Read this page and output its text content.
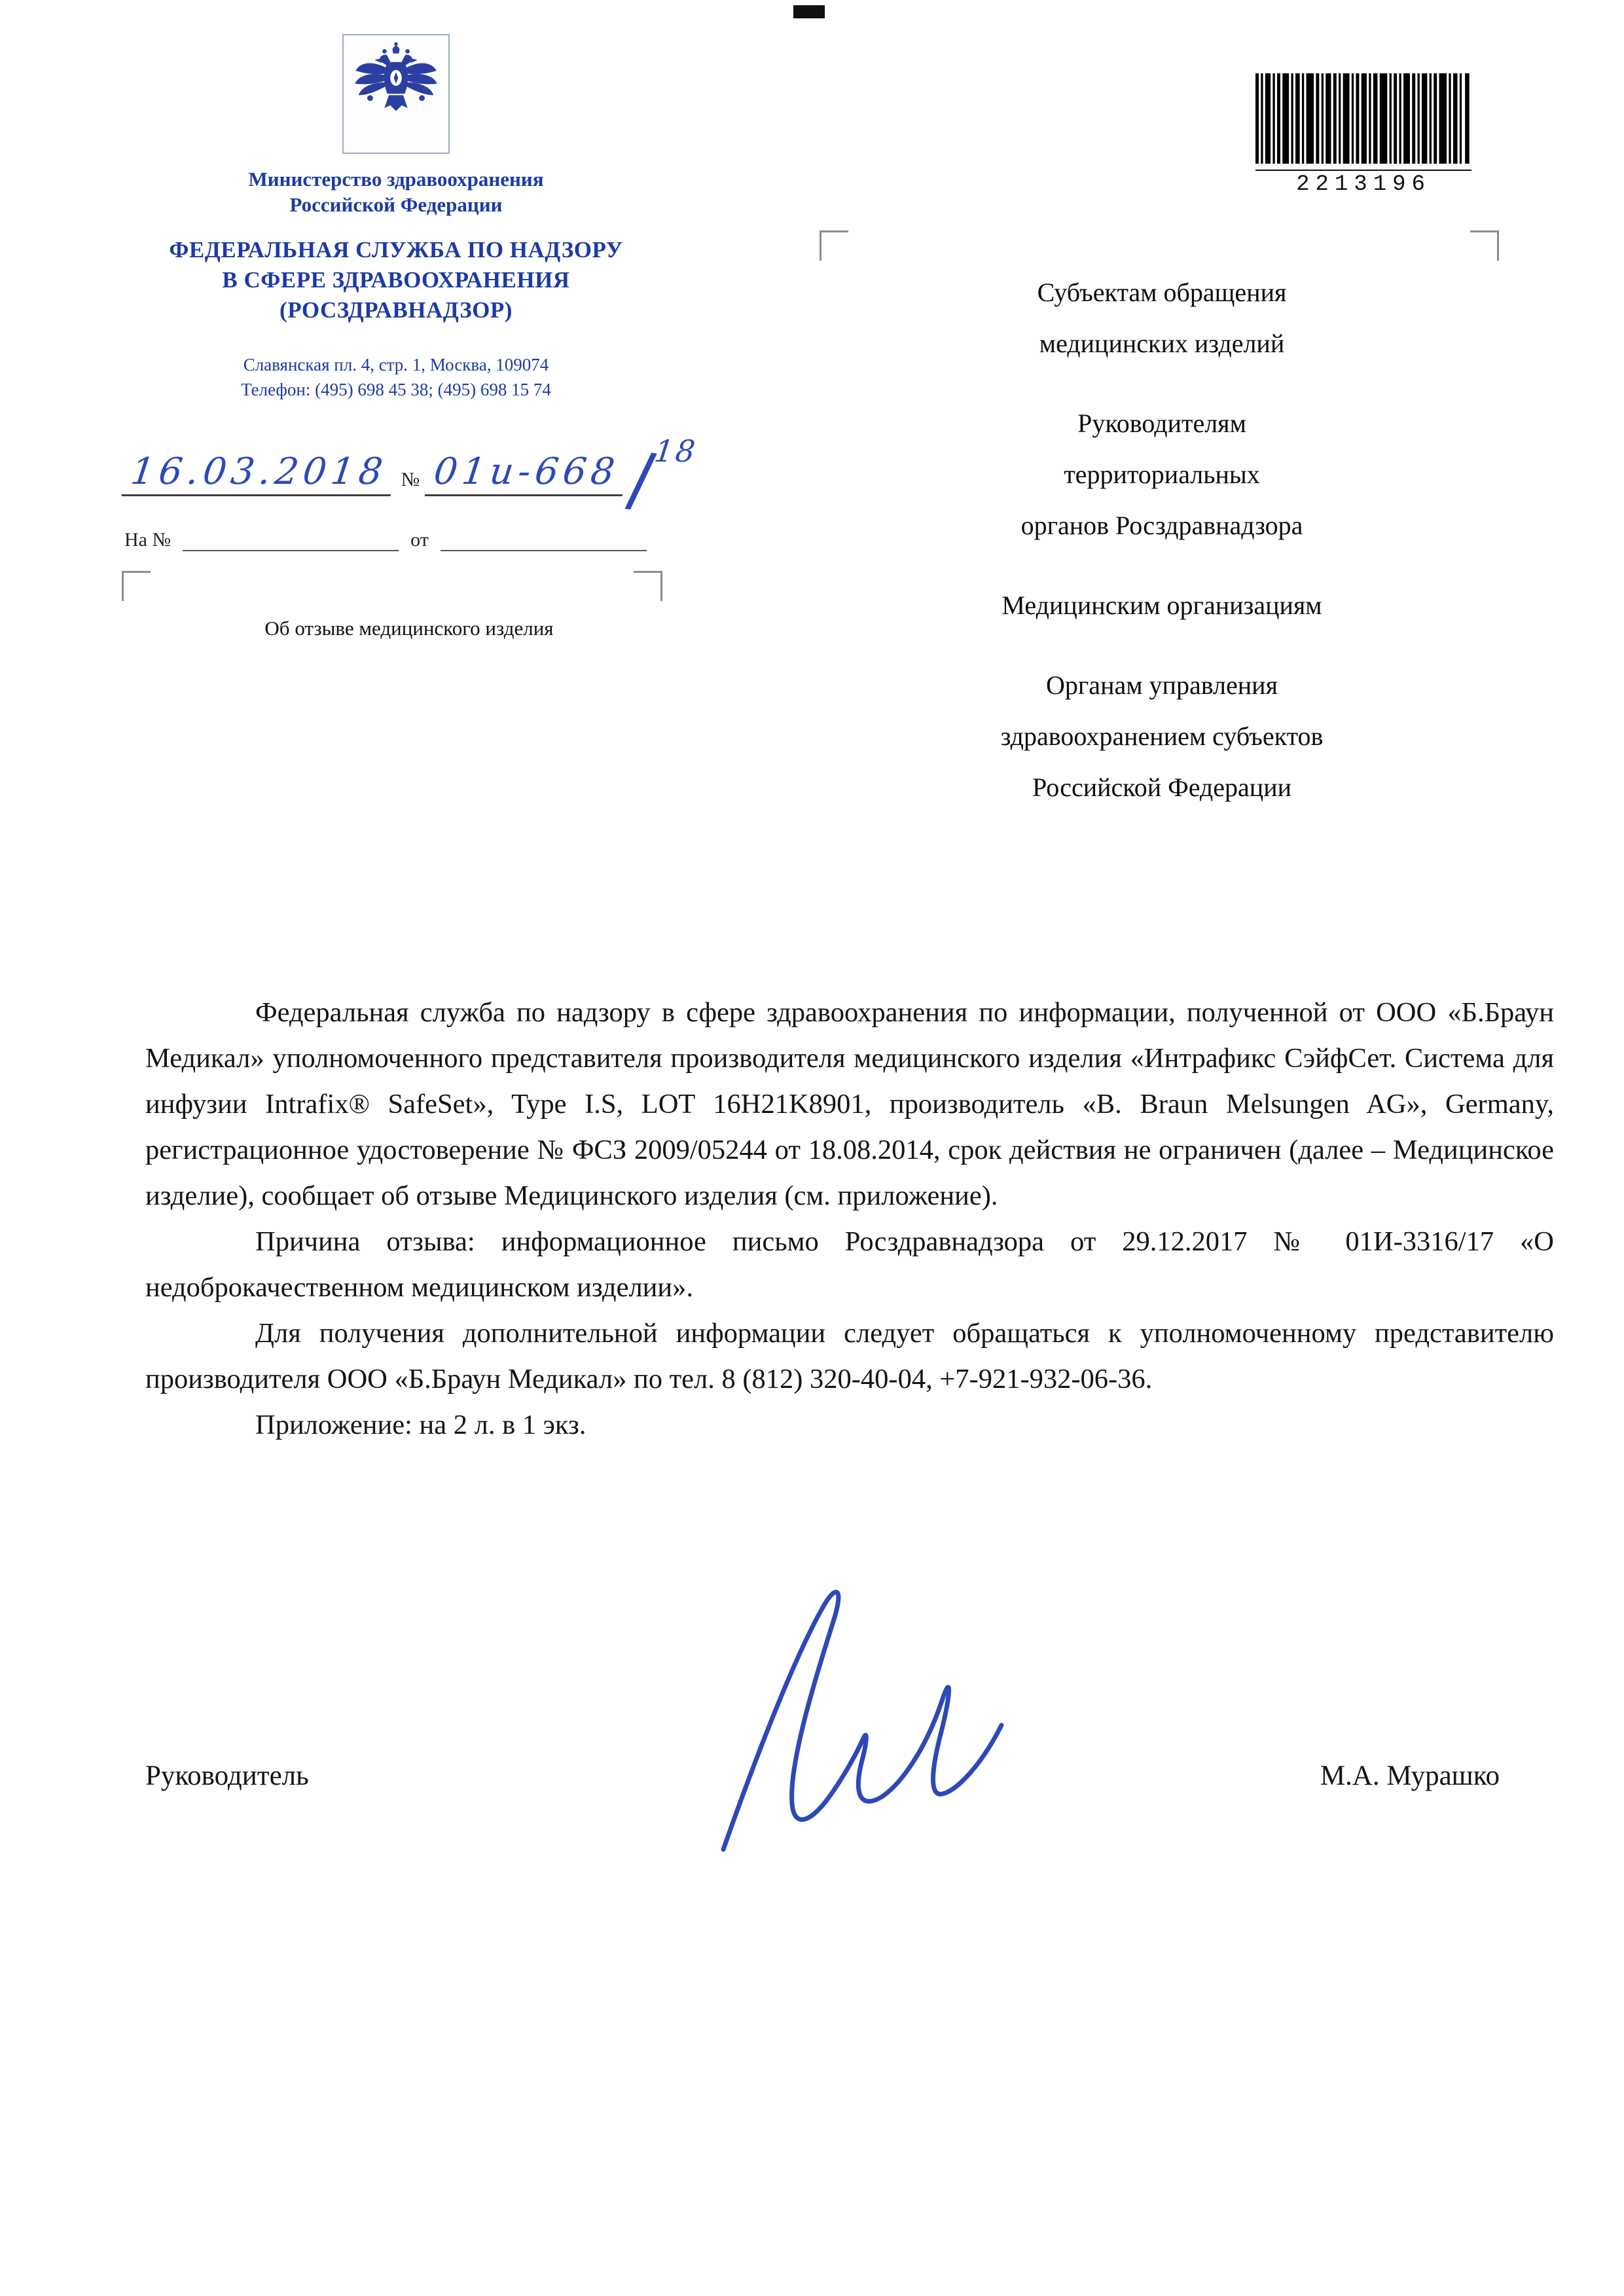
Министерство здравоохранения
Российской Федерации
ФЕДЕРАЛЬНАЯ СЛУЖБА ПО НАДЗОРУ
В СФЕРЕ ЗДРАВООХРАНЕНИЯ
(РОСЗДРАВНАДЗОР)
Славянская пл. 4, стр. 1, Москва, 109074
Телефон: (495) 698 45 38; (495) 698 15 74
16.03.2018 № 01и-668 /
18
На №	от
Об отзыве медицинского изделия
2213196
Субъектам обращения
медицинских изделий
Руководителям
территориальных
органов Росздравнадзора
Медицинским организациям
Органам управления
здравоохранением субъектов
Российской Федерации

Федеральная служба по надзору в сфере здравоохранения по информации, полученной от ООО «Б.Браун Медикал» уполномоченного представителя производителя медицинского изделия «Интрафикс СэйфСет. Система для инфузии Intrafix® SafeSet», Type I.S, LOT 16H21K8901, производитель «B. Braun Melsungen AG», Germany, регистрационное удостоверение № ФСЗ 2009/05244 от 18.08.2014, срок действия не ограничен (далее – Медицинское изделие), сообщает об отзыве Медицинского изделия (см. приложение).

Причина отзыва: информационное письмо Росздравнадзора от 29.12.2017 № 01И-3316/17 «О недоброкачественном медицинском изделии».

Для получения дополнительной информации следует обращаться к уполномоченному представителю производителя ООО «Б.Браун Медикал» по тел. 8 (812) 320-40-04, +7-921-932-06-36.

Приложение: на 2 л. в 1 экз.

Руководитель	М.А. Мурашко
